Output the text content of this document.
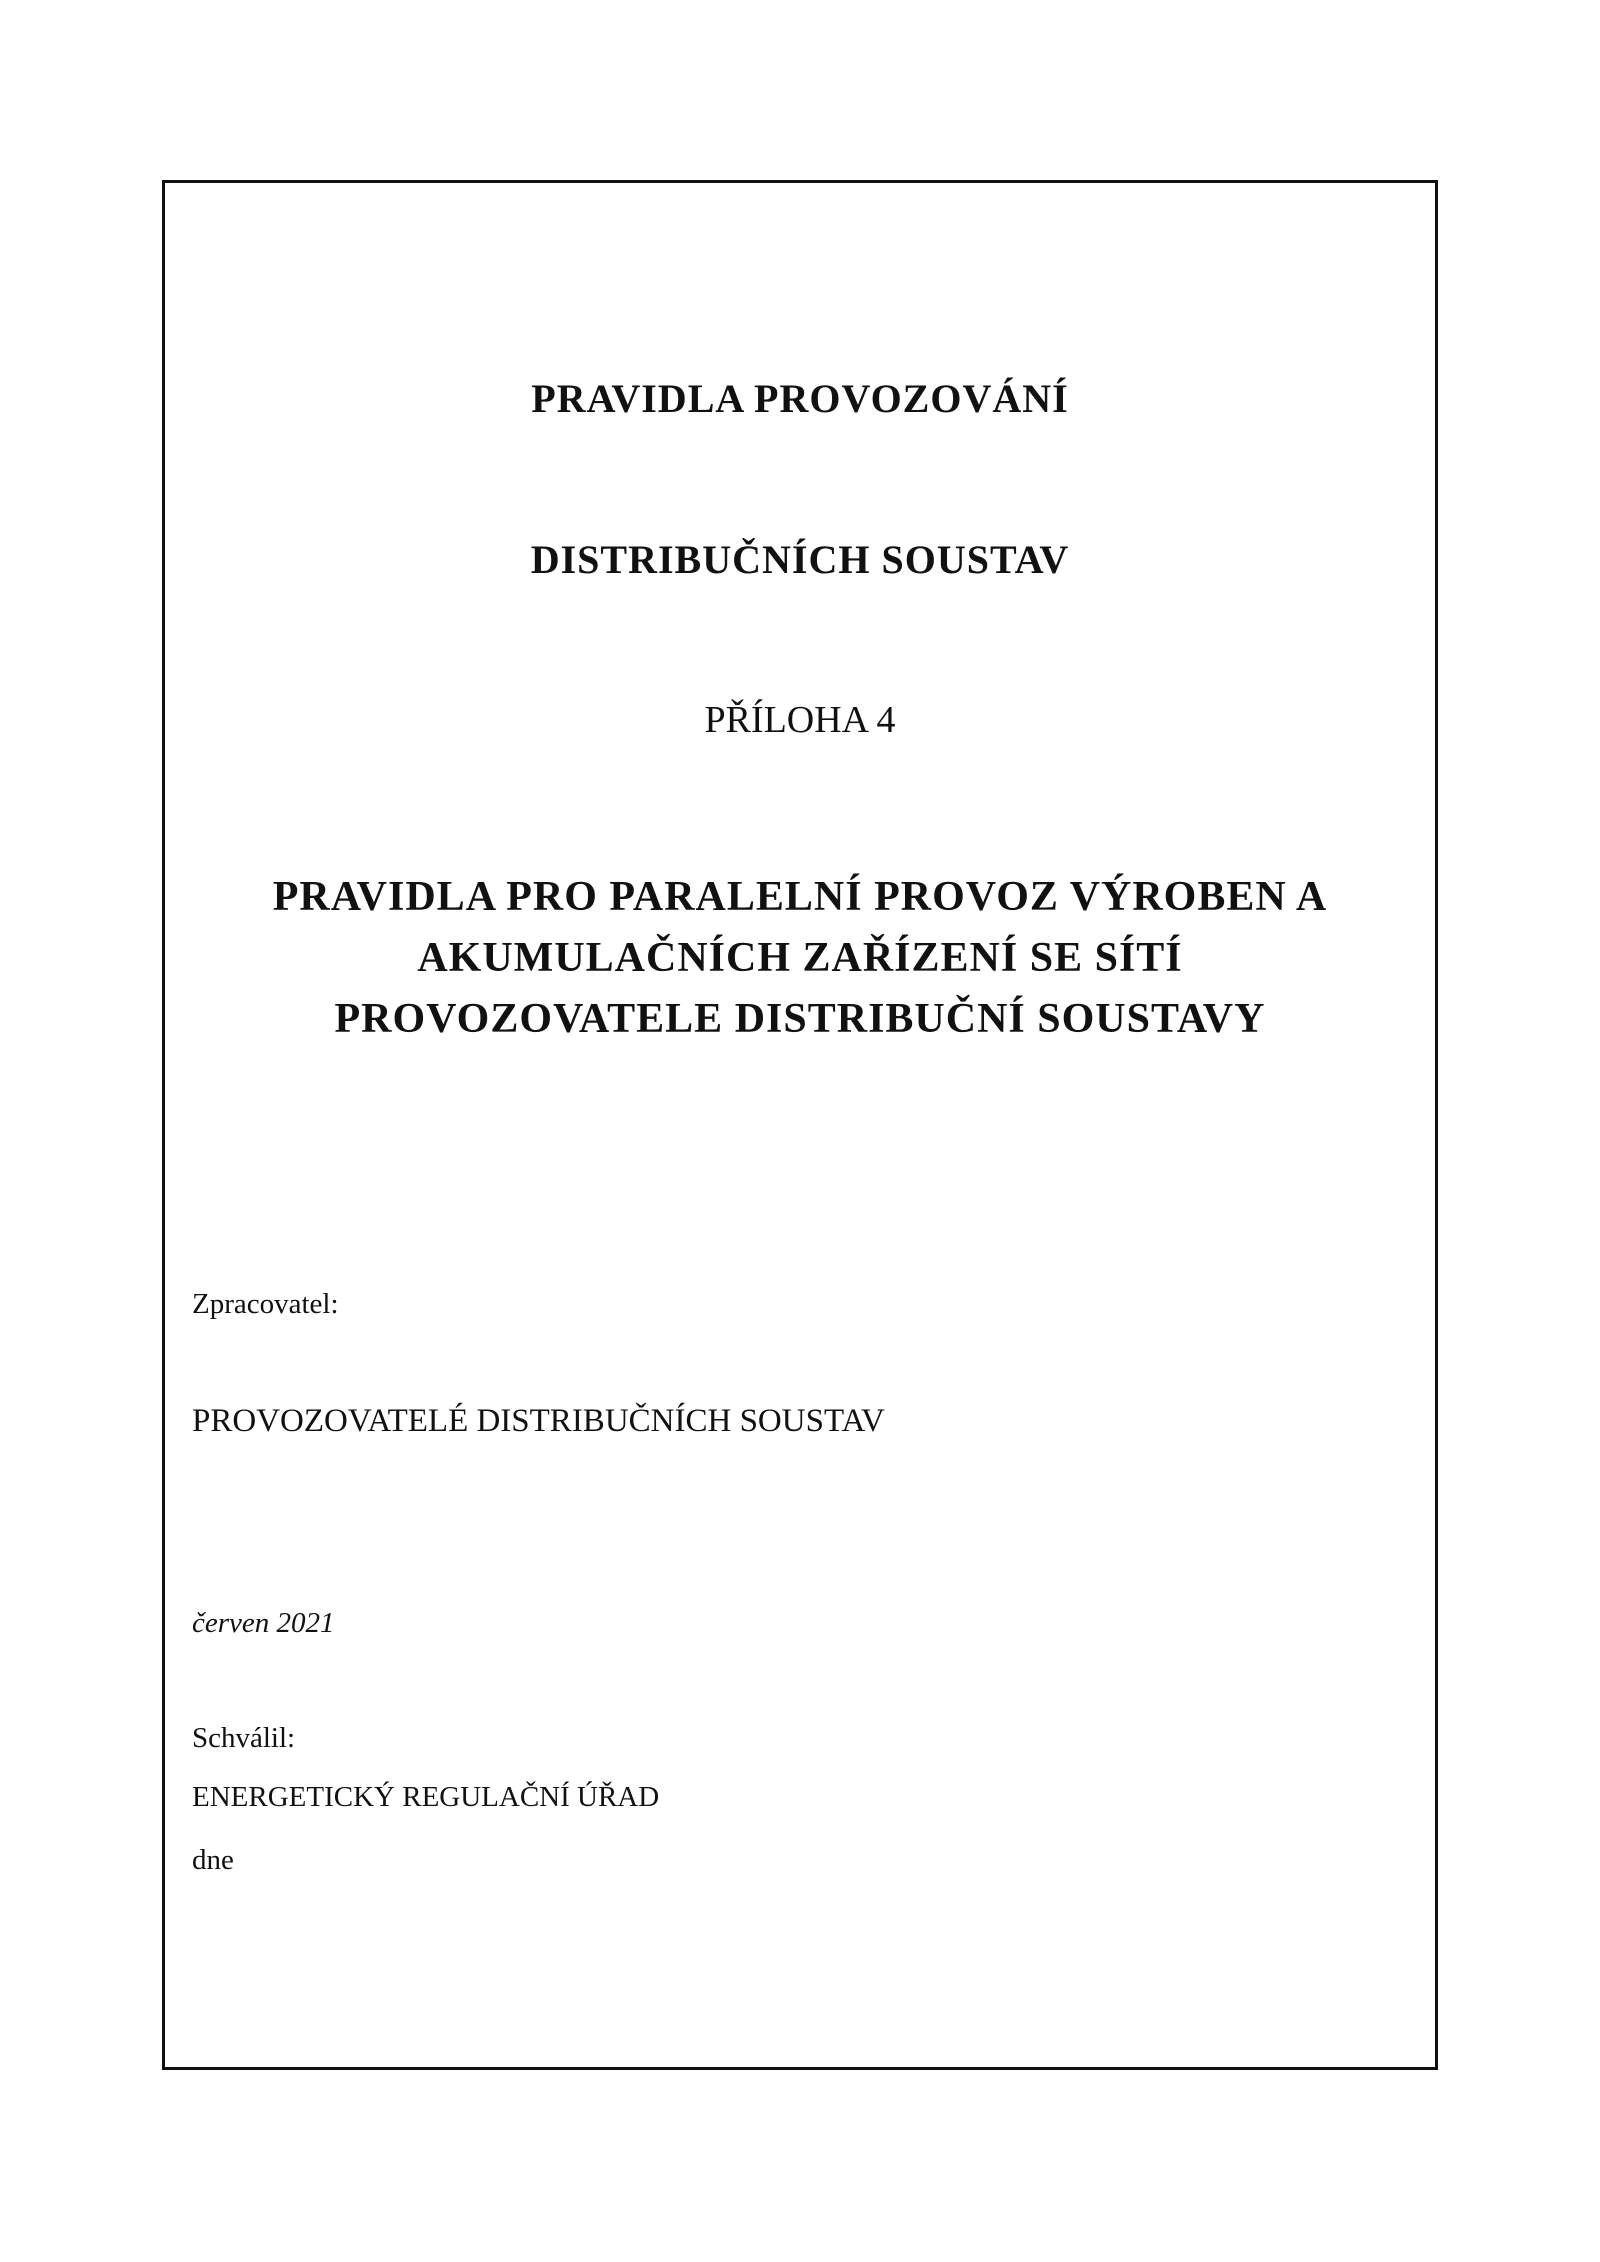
PRAVIDLA PROVOZOVÁNÍ
DISTRIBUČNÍCH SOUSTAV
PŘÍLOHA 4
PRAVIDLA PRO PARALELNÍ PROVOZ VÝROBEN A
AKUMULAČNÍCH ZAŘÍZENÍ SE SÍTÍ
PROVOZOVATELE DISTRIBUČNÍ SOUSTAVY
Zpracovatel:
PROVOZOVATELÉ DISTRIBUČNÍCH SOUSTAV
červen 2021
Schválil:
ENERGETICKÝ REGULAČNÍ ÚŘAD
dne
